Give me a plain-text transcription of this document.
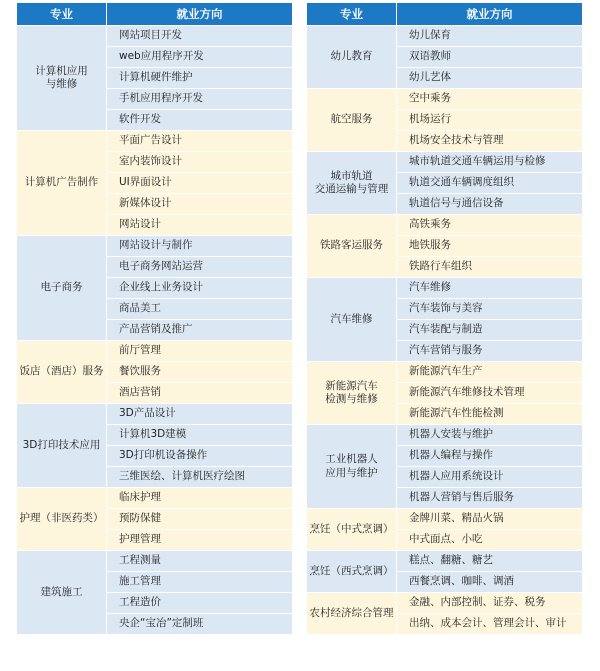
专业	就业方向
计算机应用
与维修	网站项目开发
	web应用程序开发
	计算机硬件维护
	手机应用程序开发
	软件开发
计算机广告制作	平面广告设计
	室内装饰设计
	UI界面设计
	新媒体设计
	网站设计
电子商务	网站设计与制作
	电子商务网站运营
	企业线上业务设计
	商品美工
	产品营销及推广
饭店（酒店）服务	前厅管理
	餐饮服务
	酒店营销
3D打印技术应用	3D产品设计
	计算机3D建模
	3D打印机设备操作
	三维医绘、计算机医疗绘图
护理（非医药类）	临床护理
	预防保健
	护理管理
建筑施工	工程测量
	施工管理
	工程造价
	央企“宝冶”定制班
专业	就业方向
幼儿教育	幼儿保育
	双语教师
	幼儿艺体
航空服务	空中乘务
	机场运行
	机场安全技术与管理
城市轨道
交通运输与管理	城市轨道交通车辆运用与检修
	轨道交通车辆调度组织
	轨道信号与通信设备
铁路客运服务	高铁乘务
	地铁服务
	铁路行车组织
汽车维修	汽车维修
	汽车装饰与美容
	汽车装配与制造
	汽车营销与服务
新能源汽车
检测与维修	新能源汽车生产
	新能源汽车维修技术管理
	新能源汽车性能检测
工业机器人
应用与维护	机器人安装与维护
	机器人编程与操作
	机器人应用系统设计
	机器人营销与售后服务
烹饪（中式烹调）	金牌川菜、精品火锅
	中式面点、小吃
烹饪（西式烹调）	糕点、翻糖、糖艺
	西餐烹调、咖啡、调酒
农村经济综合管理	金融、内部控制、证券、税务
	出纳、成本会计、管理会计、审计
